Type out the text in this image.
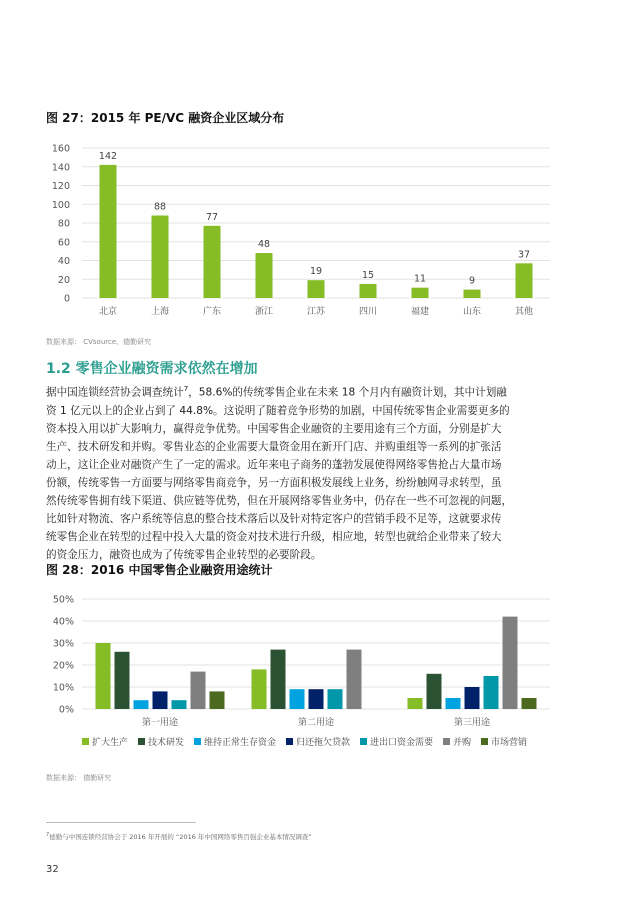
图 27：2015 年 PE/VC 融资企业区域分布
0
20
40
60
80
100
120
140
160
142
北京
88
上海
77
广东
48
浙江
19
江苏
15
四川
11
福建
9
山东
37
其他
数据来源： CVsource、德勤研究
1.2 零售企业融资需求依然在增加
据中国连锁经营协会调查统计$^7$，58.6%的传统零售企业在未来 18 个月内有融资计划，其中计划融
资 1 亿元以上的企业占到了 44.8%。这说明了随着竞争形势的加剧，中国传统零售企业需要更多的
资本投入用以扩大影响力，赢得竞争优势。中国零售企业融资的主要用途有三个方面，分别是扩大
生产、技术研发和并购。零售业态的企业需要大量资金用在新开门店、并购重组等一系列的扩张活
动上，这让企业对融资产生了一定的需求。近年来电子商务的蓬勃发展使得网络零售抢占大量市场
份额，传统零售一方面要与网络零售商竞争，另一方面积极发展线上业务，纷纷触网寻求转型，虽
然传统零售拥有线下渠道、供应链等优势，但在开展网络零售业务中，仍存在一些不可忽视的问题，
比如针对物流、客户系统等信息的整合技术落后以及针对特定客户的营销手段不足等，这就要求传
统零售企业在转型的过程中投入大量的资金对技术进行升级，相应地，转型也就给企业带来了较大
的资金压力，融资也成为了传统零售企业转型的必要阶段。
图 28：2016 中国零售企业融资用途统计
0%
10%
20%
30%
40%
50%
第一用途	第二用途	第三用途
扩大生产 技术研发 维持正常生存资金 归还拖欠贷款 进出口资金需要 并购 市场营销
数据来源： 德勤研究
$^7$德勤与中国连锁经营协会于 2016 年开展的 “2016 年中国网络零售百强企业基本情况调查”
32
